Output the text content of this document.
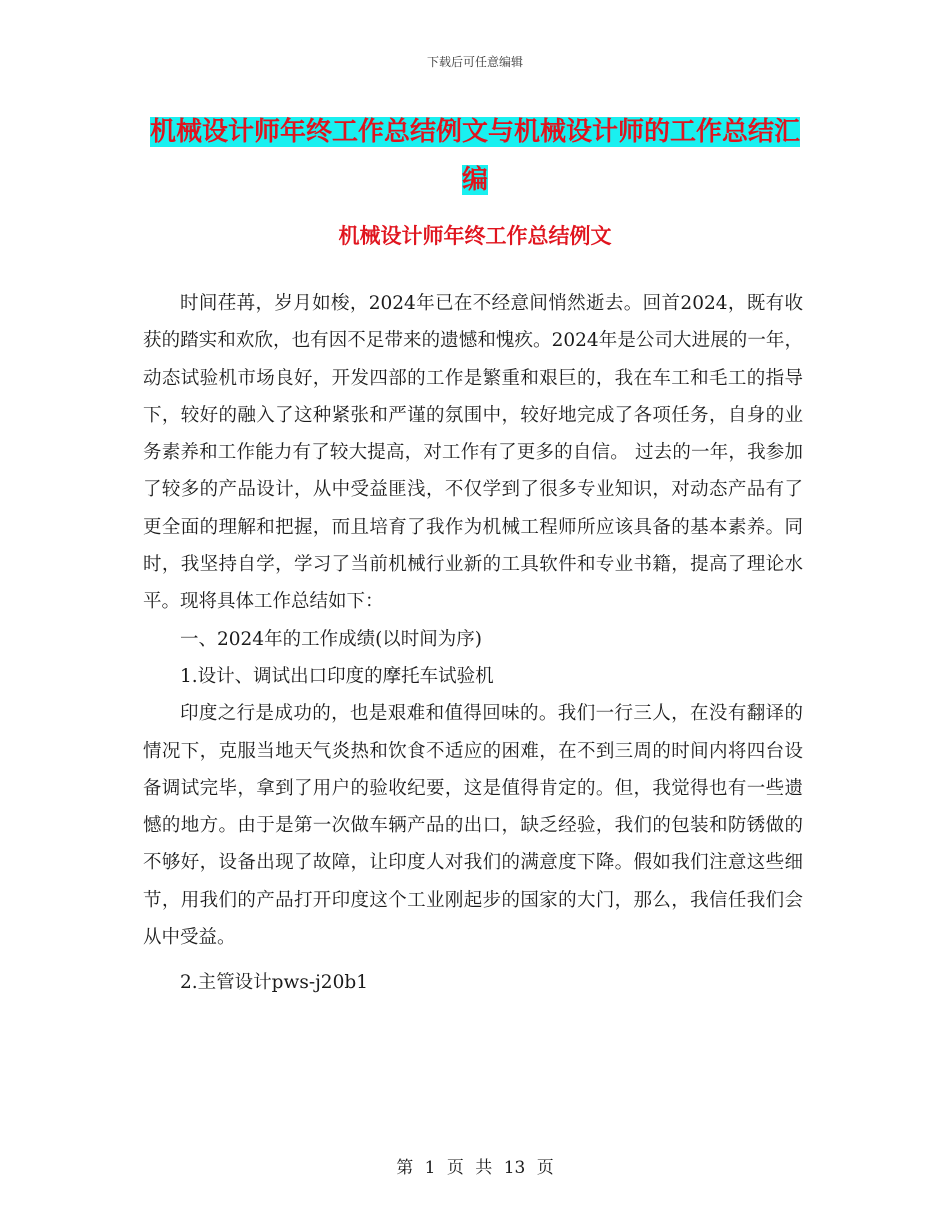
下载后可任意编辑
机械设计师年终工作总结例文与机械设计师的工作总结汇编
机械设计师年终工作总结例文

时间荏苒，岁月如梭，2024年已在不经意间悄然逝去。回首2024，既有收获的踏实和欢欣，也有因不足带来的遗憾和愧疚。2024年是公司大进展的一年，动态试验机市场良好，开发四部的工作是繁重和艰巨的，我在车工和毛工的指导下，较好的融入了这种紧张和严谨的氛围中，较好地完成了各项任务，自身的业务素养和工作能力有了较大提高，对工作有了更多的自信。 过去的一年，我参加了较多的产品设计，从中受益匪浅，不仅学到了很多专业知识，对动态产品有了更全面的理解和把握，而且培育了我作为机械工程师所应该具备的基本素养。同时，我坚持自学，学习了当前机械行业新的工具软件和专业书籍，提高了理论水平。现将具体工作总结如下：

一、2024年的工作成绩(以时间为序)

1.设计、调试出口印度的摩托车试验机

印度之行是成功的，也是艰难和值得回味的。我们一行三人，在没有翻译的情况下，克服当地天气炎热和饮食不适应的困难，在不到三周的时间内将四台设备调试完毕，拿到了用户的验收纪要，这是值得肯定的。但，我觉得也有一些遗憾的地方。由于是第一次做车辆产品的出口，缺乏经验，我们的包装和防锈做的不够好，设备出现了故障，让印度人对我们的满意度下降。假如我们注意这些细节，用我们的产品打开印度这个工业刚起步的国家的大门，那么，我信任我们会从中受益。

2.主管设计pws-j20b1

第 1 页 共 13 页
